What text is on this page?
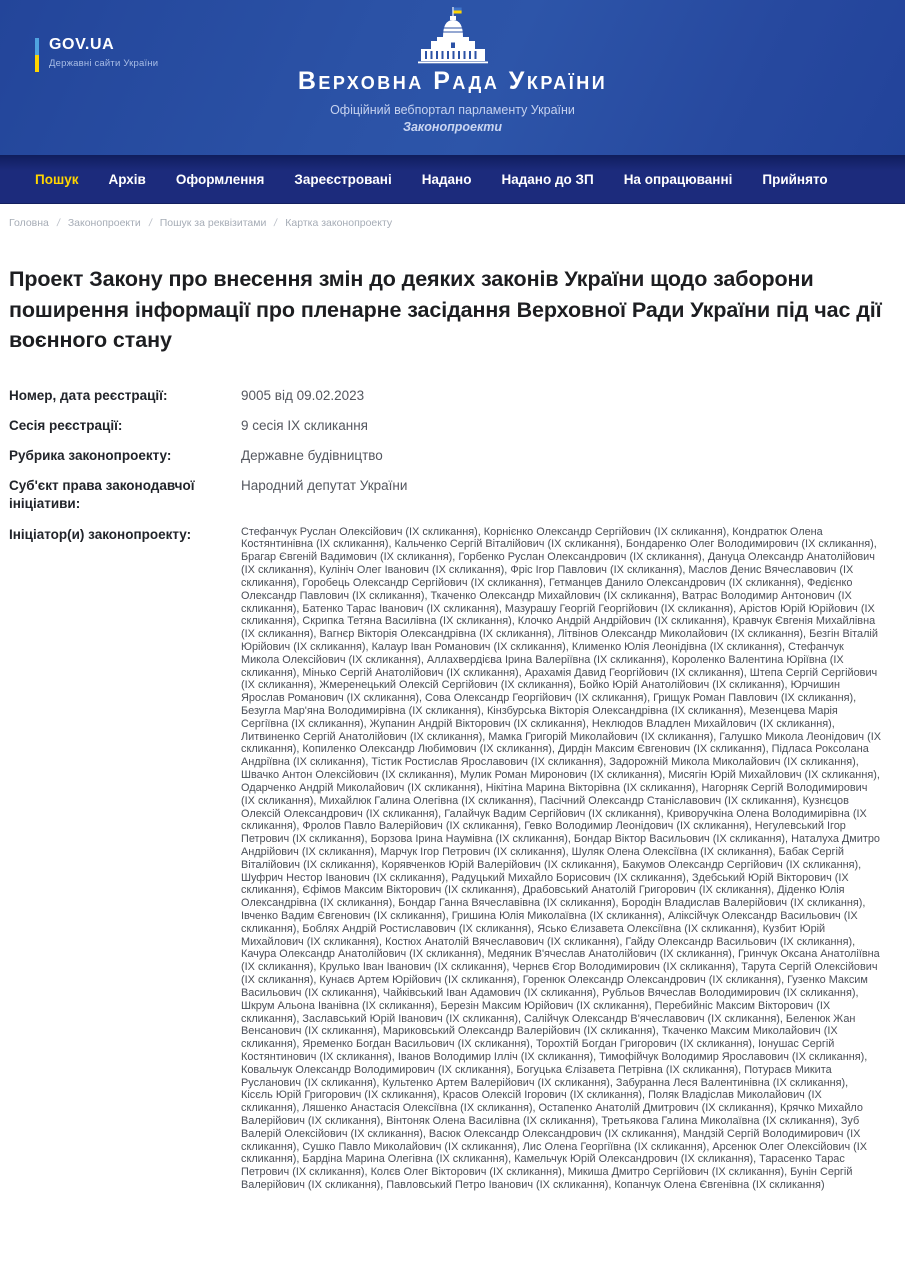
GOV.UA
Державні сайти України
Верховна Рада України
Офіційний вебпортал парламенту України
Законопроекти
Пошук Архів Оформлення Зареєстровані Надано Надано до ЗП На опрацюванні Прийнято
Головна / Законопроекти / Пошук за реквізитами / Картка законопроекту
Проект Закону про внесення змін до деяких законів України щодо заборони поширення інформації про пленарне засідання Верховної Ради України під час дії воєнного стану
Номер, дата реєстрації:	9005 від 09.02.2023
Сесія реєстрації:	9 сесія IX скликання
Рубрика законопроекту:	Державне будівництво
Суб'єкт права законодавчої ініціативи:
Народний депутат України
Ініціатор(и) законопроекту:	Стефанчук Руслан Олексійович (IX скликання), Корнієнко Олександр Сергійович (IX скликання), Кондратюк Олена Костянтинівна (IX скликання), Кальченко Сергій Віталійович (IX скликання), Бондаренко Олег Володимирович (IX скликання), Брагар Євгеній Вадимович (IX скликання), Горбенко Руслан Олександрович (IX скликання), Дануца Олександр Анатолійович (IX скликання), Кулініч Олег Іванович (IX скликання), Фріс Ігор Павлович (IX скликання), Маслов Денис Вячеславович (IX скликання), Горобець Олександр Сергійович (IX скликання), Гетманцев Данило Олександрович (IX скликання), Федієнко Олександр Павлович (IX скликання), Ткаченко Олександр Михайлович (IX скликання), Ватрас Володимир Антонович (IX скликання), Батенко Тарас Іванович (IX скликання), Мазурашу Георгій Георгійович (IX скликання), Арістов Юрій Юрійович (IX скликання), Скрипка Тетяна Василівна (IX скликання), Клочко Андрій Андрійович (IX скликання), Кравчук Євгенія Михайлівна (IX скликання), Вагнєр Вікторія Олександрівна (IX скликання), Літвінов Олександр Миколайович (IX скликання), Безгін Віталій Юрійович (IX скликання), Калаур Іван Романович (IX скликання), Клименко Юлія Леонідівна (IX скликання), Стефанчук Микола Олексійович (IX скликання), Аллахвердієва Ірина Валеріївна (IX скликання), Короленко Валентина Юріївна (IX скликання), Мінько Сергій Анатолійович (IX скликання), Арахамія Давид Георгійович (IX скликання), Штепа Сергій Сергійович (IX скликання), Жмеренецький Олексій Сергійович (IX скликання), Бойко Юрій Анатолійович (IX скликання), Юрчишин Ярослав Романович (IX скликання), Сова Олександр Георгійович (IX скликання), Грищук Роман Павлович (IX скликання), Безугла Мар'яна Володимирівна (IX скликання), Кінзбурська Вікторія Олександрівна (IX скликання), Мезенцева Марія Сергіївна (IX скликання), Жупанин Андрій Вікторович (IX скликання), Неклюдов Владлен Михайлович (IX скликання), Литвиненко Сергій Анатолійович (IX скликання), Мамка Григорій Миколайович (IX скликання), Галушко Микола Леонідович (IX скликання), Копиленко Олександр Любимович (IX скликання), Дирдін Максим Євгенович (IX скликання), Підласа Роксолана Андріївна (IX скликання), Тістик Ростислав Ярославович (IX скликання), Задорожній Микола Миколайович (IX скликання), Швачко Антон Олексійович (IX скликання), Мулик Роман Миронович (IX скликання), Мисягін Юрій Михайлович (IX скликання), Одарченко Андрій Миколайович (IX скликання), Нікітіна Марина Вікторівна (IX скликання), Нагорняк Сергій Володимирович (IX скликання), Михайлюк Галина Олегівна (IX скликання), Пасічний Олександр Станіславович (IX скликання), Кузнєцов Олексій Олександрович (IX скликання), Галайчук Вадим Сергійович (IX скликання), Криворучкіна Олена Володимирівна (IX скликання), Фролов Павло Валерійович (IX скликання), Гевко Володимир Леонідович (IX скликання), Негулевський Ігор Петрович (IX скликання), Борзова Ірина Наумівна (IX скликання), Бондар Віктор Васильович (IX скликання), Наталуха Дмитро Андрійович (IX скликання), Марчук Ігор Петрович (IX скликання), Шуляк Олена Олексіївна (IX скликання), Бабак Сергій Віталійович (IX скликання), Корявченков Юрій Валерійович (IX скликання), Бакумов Олександр Сергійович (IX скликання), Шуфрич Нестор Іванович (IX скликання), Радуцький Михайло Борисович (IX скликання), Здебський Юрій Вікторович (IX скликання), Єфімов Максим Вікторович (IX скликання), Драбовський Анатолій Григорович (IX скликання), Діденко Юлія Олександрівна (IX скликання), Бондар Ганна Вячеславівна (IX скликання), Бородін Владислав Валерійович (IX скликання), Івченко Вадим Євгенович (IX скликання), Гришина Юлія Миколаївна (IX скликання), Аліксійчук Олександр Васильович (IX скликання), Боблях Андрій Ростиславович (IX скликання), Ясько Єлизавета Олексіївна (IX скликання), Кузбит Юрій Михайлович (IX скликання), Костюх Анатолій Вячеславович (IX скликання), Гайду Олександр Васильович (IX скликання), Качура Олександр Анатолійович (IX скликання), Медяник В'ячеслав Анатолійович (IX скликання), Гринчук Оксана Анатоліївна (IX скликання), Крулько Іван Іванович (IX скликання), Чернєв Єгор Володимирович (IX скликання), Тарута Сергій Олексійович (IX скликання), Кунаєв Артем Юрійович (IX скликання), Горенюк Олександр Олександрович (IX скликання), Гузенко Максим Васильович (IX скликання), Чайківський Іван Адамович (IX скликання), Рубльов Вячеслав Володимирович (IX скликання), Шкрум Альона Іванівна (IX скликання), Березін Максим Юрійович (IX скликання), Перебийніс Максим Вікторович (IX скликання), Заславський Юрій Іванович (IX скликання), Салійчук Олександр В'ячеславович (IX скликання), Беленюк Жан Венсанович (IX скликання), Мариковський Олександр Валерійович (IX скликання), Ткаченко Максим Миколайович (IX скликання), Яременко Богдан Васильович (IX скликання), Торохтій Богдан Григорович (IX скликання), Іонушас Сергій Костянтинович (IX скликання), Іванов Володимир Ілліч (IX скликання), Тимофійчук Володимир Ярославович (IX скликання), Ковальчук Олександр Володимирович (IX скликання), Богуцька Єлізавета Петрівна (IX скликання), Потураєв Микита Русланович (IX скликання), Культенко Артем Валерійович (IX скликання), Забуранна Леся Валентинівна (IX скликання), Кісєль Юрій Григорович (IX скликання), Красов Олексій Ігорович (IX скликання), Поляк Владіслав Миколайович (IX скликання), Ляшенко Анастасія Олексіївна (IX скликання), Остапенко Анатолій Дмитрович (IX скликання), Крячко Михайло Валерійович (IX скликання), Вінтоняк Олена Василівна (IX скликання), Третьякова Галина Миколаївна (IX скликання), Зуб Валерій Олексійович (IX скликання), Васюк Олександр Олександрович (IX скликання), Мандзій Сергій Володимирович (IX скликання), Сушко Павло Миколайович (IX скликання), Лис Олена Георгіївна (IX скликання), Арсенюк Олег Олексійович (IX скликання), Бардіна Марина Олегівна (IX скликання), Камельчук Юрій Олександрович (IX скликання), Тарасенко Тарас Петрович (IX скликання), Колєв Олег Вікторович (IX скликання), Микиша Дмитро Сергійович (IX скликання), Бунін Сергій Валерійович (IX скликання), Павловський Петро Іванович (IX скликання), Копанчук Олена Євгенівна (IX скликання)
